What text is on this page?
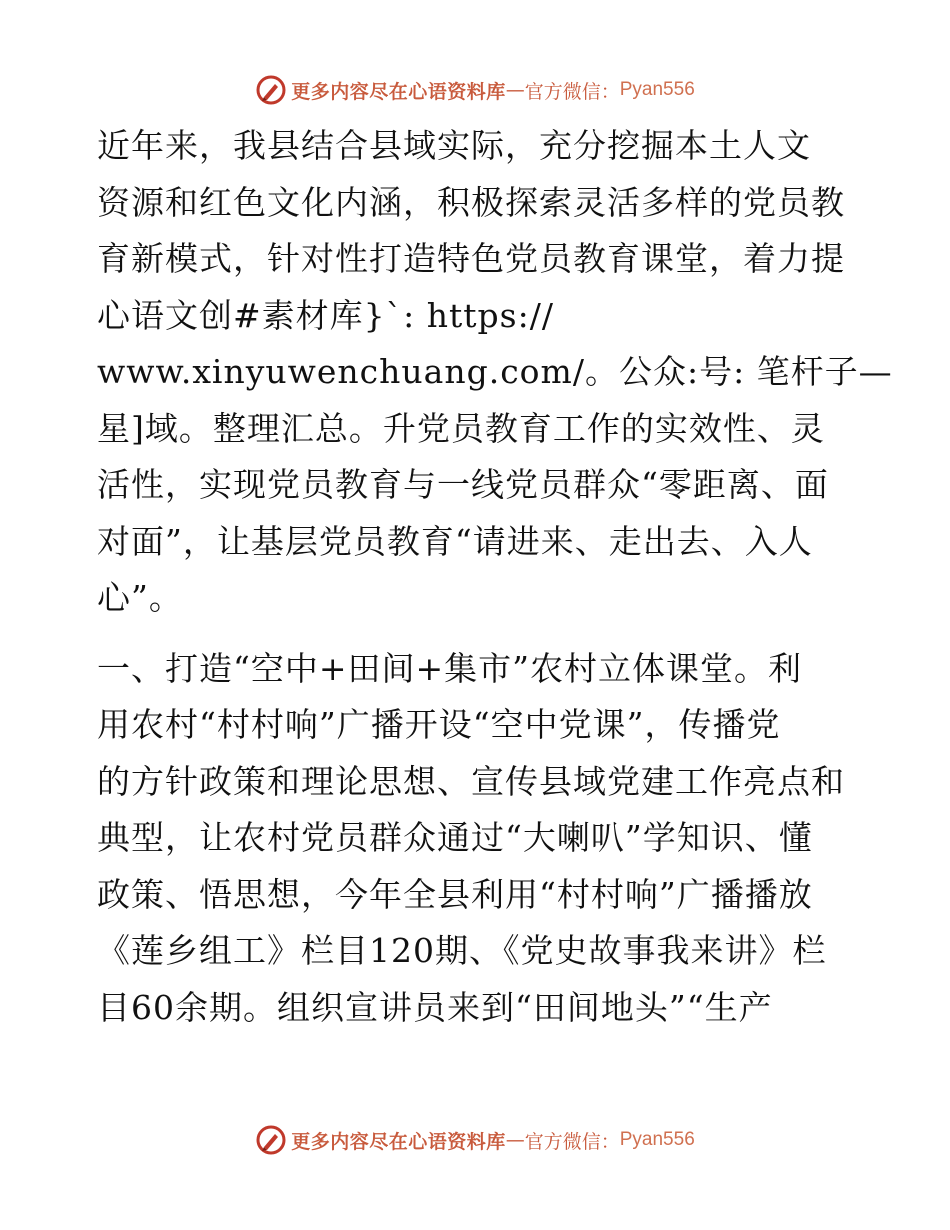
更多内容尽在心语资料库 — 官方微信： Pyan556
近年来，我县结合县域实际，充分挖掘本土人文
资源和红色文化内涵，积极探索灵活多样的党员教
育新模式，针对性打造特色党员教育课堂，着力提
心语文创#素材库}`: https://
www.xinyuwenchuang.com/。公众:号: 笔杆子—
星]域。整理汇总。升党员教育工作的实效性、灵
活性，实现党员教育与一线党员群众“零距离、面
对面”，让基层党员教育“请进来、走出去、入人
心”。
一、打造“空中+田间+集市”农村立体课堂。利
用农村“村村响”广播开设“空中党课”，传播党
的方针政策和理论思想、宣传县域党建工作亮点和
典型，让农村党员群众通过“大喇叭”学知识、懂
政策、悟思想，今年全县利用“村村响”广播播放
《莲乡组工》栏目120期、《党史故事我来讲》栏
目60余期。组织宣讲员来到“田间地头”“生产
更多内容尽在心语资料库 — 官方微信： Pyan556
